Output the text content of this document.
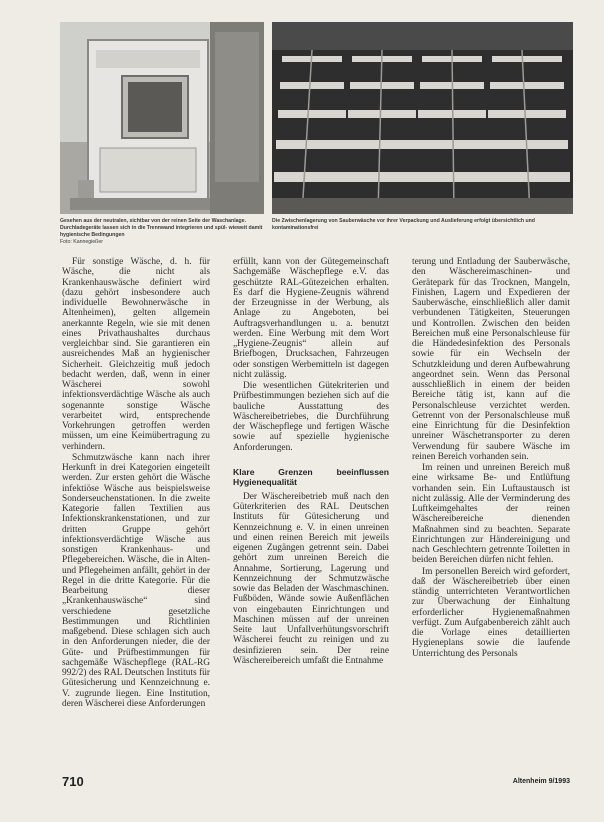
Gesehen aus der neutralen, sichtbar von der reinen Seite der Waschanlage. Durchladegeräte lassen sich in die Trennwand integrieren und spül- wieweit damit hygienische Bedingungen
Foto: Kannegießer
Die Zwischenlagerung von Sauberwäsche vor ihrer Verpackung und Auslieferung erfolgt übersichtlich und kontaminationsfrei

Für sonstige Wäsche, d. h. für Wäsche, die nicht als Krankenhauswäsche definiert wird (dazu gehört insbesondere auch individuelle Bewohnerwäsche in Altenheimen), gelten allgemein anerkannte Regeln, wie sie mit denen eines Privathaushaltes durchaus vergleichbar sind. Sie garantieren ein ausreichendes Maß an hygienischer Sicherheit. Gleichzeitig muß jedoch bedacht werden, daß, wenn in einer Wäscherei sowohl infektionsverdächtige Wäsche als auch sogenannte sonstige Wäsche verarbeitet wird, entsprechende Vorkehrungen getroffen werden müssen, um eine Keimübertragung zu verhindern.

Schmutzwäsche kann nach ihrer Herkunft in drei Kategorien eingeteilt werden. Zur ersten gehört die Wäsche infektiöse Wäsche aus beispielsweise Sonderseuchenstationen. In die zweite Kategorie fallen Textilien aus Infektionskrankenstationen, und zur dritten Gruppe gehört infektionsverdächtige Wäsche aus sonstigen Krankenhaus- und Pflegebereichen. Wäsche, die in Alten- und Pflegeheimen anfällt, gehört in der Regel in die dritte Kategorie. Für die Bearbeitung dieser „Krankenhauswäsche“ sind verschiedene gesetzliche Bestimmungen und Richtlinien maßgebend. Diese schlagen sich auch in den Anforderungen nieder, die der Güte- und Prüfbestimmungen für sachgemäße Wäschepflege (RAL-RG 992/2) des RAL Deutschen Instituts für Gütesicherung und Kennzeichnung e. V. zugrunde liegen. Eine Institution, deren Wäscherei diese Anforderungen

erfüllt, kann von der Gütegemeinschaft Sachgemäße Wäschepflege e.V. das geschützte RAL-Gütezeichen erhalten. Es darf die Hygiene-Zeugnis während der Erzeugnisse in der Werbung, als Anlage zu Angeboten, bei Auftragsverhandlungen u. a. benutzt werden. Eine Werbung mit dem Wort „Hygiene-Zeugnis“ allein auf Briefbogen, Drucksachen, Fahrzeugen oder sonstigen Werbemitteln ist dagegen nicht zulässig.

Die wesentlichen Gütekriterien und Prüfbestimmungen beziehen sich auf die bauliche Ausstattung des Wäschereibetriebes, die Durchführung der Wäschepflege und fertigen Wäsche sowie auf spezielle hygienische Anforderungen.

Klare Grenzen beeinflussen Hygienequalität

Der Wäschereibetrieb muß nach den Güterkriterien des RAL Deutschen Instituts für Gütesicherung und Kennzeichnung e. V. in einen unreinen und einen reinen Bereich mit jeweils eigenen Zugängen getrennt sein. Dabei gehört zum unreinen Bereich die Annahme, Sortierung, Lagerung und Kennzeichnung der Schmutzwäsche sowie das Beladen der Waschmaschinen. Fußböden, Wände sowie Außenflächen von eingebauten Einrichtungen und Maschinen müssen auf der unreinen Seite laut Unfallverhütungsvorschrift Wäscherei feucht zu reinigen und zu desinfizieren sein. Der reine Wäschereibereich umfaßt die Entnahme

terung und Entladung der Sauberwäsche, den Wäschereimaschinen- und Gerätepark für das Trocknen, Mangeln, Finishen, Lagern und Expedieren der Sauberwäsche, einschließlich aller damit verbundenen Tätigkeiten, Steuerungen und Kontrollen. Zwischen den beiden Bereichen muß eine Personalschleuse für die Händedesinfektion des Personals sowie für ein Wechseln der Schutzkleidung und deren Aufbewahrung angeordnet sein. Wenn das Personal ausschließlich in einem der beiden Bereiche tätig ist, kann auf die Personalschleuse verzichtet werden. Getrennt von der Personalschleuse muß eine Einrichtung für die Desinfektion unreiner Wäschetransporter zu deren Verwendung für saubere Wäsche im reinen Bereich vorhanden sein.

Im reinen und unreinen Bereich muß eine wirksame Be- und Entlüftung vorhanden sein. Ein Luftaustausch ist nicht zulässig. Alle der Verminderung des Luftkeimgehaltes der reinen Wäschereibereiche dienenden Maßnahmen sind zu beachten. Separate Einrichtungen zur Händereinigung und nach Geschlechtern getrennte Toiletten in beiden Bereichen dürfen nicht fehlen.

Im personellen Bereich wird gefordert, daß der Wäschereibetrieb über einen ständig unterrichteten Verantwortlichen zur Überwachung der Einhaltung erforderlicher Hygienemaßnahmen verfügt. Zum Aufgabenbereich zählt auch die Vorlage eines detaillierten Hygieneplans sowie die laufende Unterrichtung des Personals

710	Altenheim 9/1993
